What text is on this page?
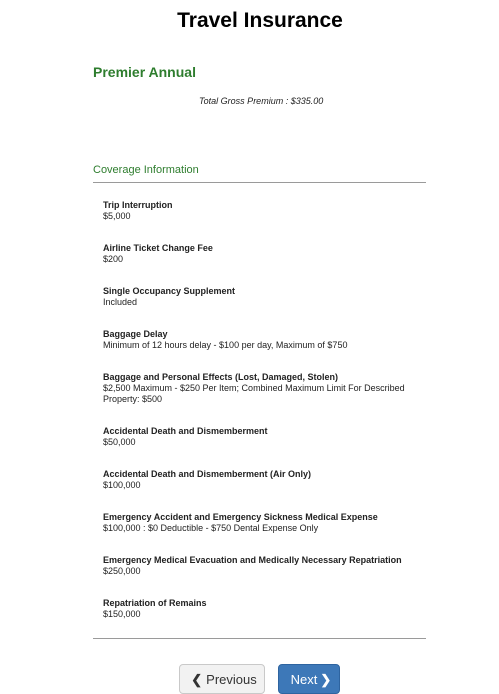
Travel Insurance
Premier Annual
Total Gross Premium : $335.00
Coverage Information
Trip Interruption
$5,000
Airline Ticket Change Fee
$200
Single Occupancy Supplement
Included
Baggage Delay
Minimum of 12 hours delay - $100 per day, Maximum of $750
Baggage and Personal Effects (Lost, Damaged, Stolen)
$2,500 Maximum - $250 Per Item; Combined Maximum Limit For Described Property: $500
Accidental Death and Dismemberment
$50,000
Accidental Death and Dismemberment (Air Only)
$100,000
Emergency Accident and Emergency Sickness Medical Expense
$100,000 : $0 Deductible - $750 Dental Expense Only
Emergency Medical Evacuation and Medically Necessary Repatriation
$250,000
Repatriation of Remains
$150,000
❮ Previous	Next ❯
